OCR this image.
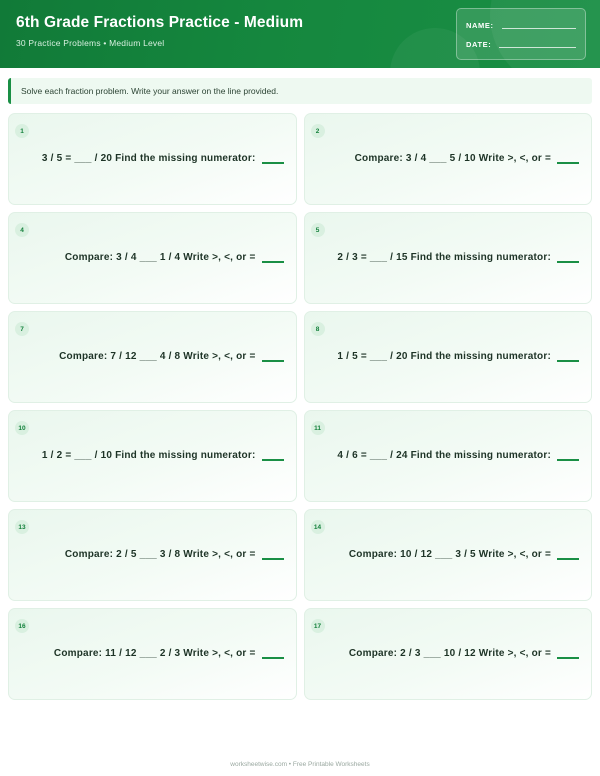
6th Grade Fractions Practice - Medium
30 Practice Problems • Medium Level
NAME:
DATE:
Solve each fraction problem. Write your answer on the line provided.
1
3 / 5 = ___ / 20 Find the missing numerator:
2
Compare: 3 / 4 ___ 5 / 10 Write >, <, or =
4
Compare: 3 / 4 ___ 1 / 4 Write >, <, or =
5
2 / 3 = ___ / 15 Find the missing numerator:
7
Compare: 7 / 12 ___ 4 / 8 Write >, <, or =
8
1 / 5 = ___ / 20 Find the missing numerator:
10
1 / 2 = ___ / 10 Find the missing numerator:
11
4 / 6 = ___ / 24 Find the missing numerator:
13
Compare: 2 / 5 ___ 3 / 8 Write >, <, or =
14
Compare: 10 / 12 ___ 3 / 5 Write >, <, or =
16
Compare: 11 / 12 ___ 2 / 3 Write >, <, or =
17
Compare: 2 / 3 ___ 10 / 12 Write >, <, or =
worksheetwise.com • Free Printable Worksheets
